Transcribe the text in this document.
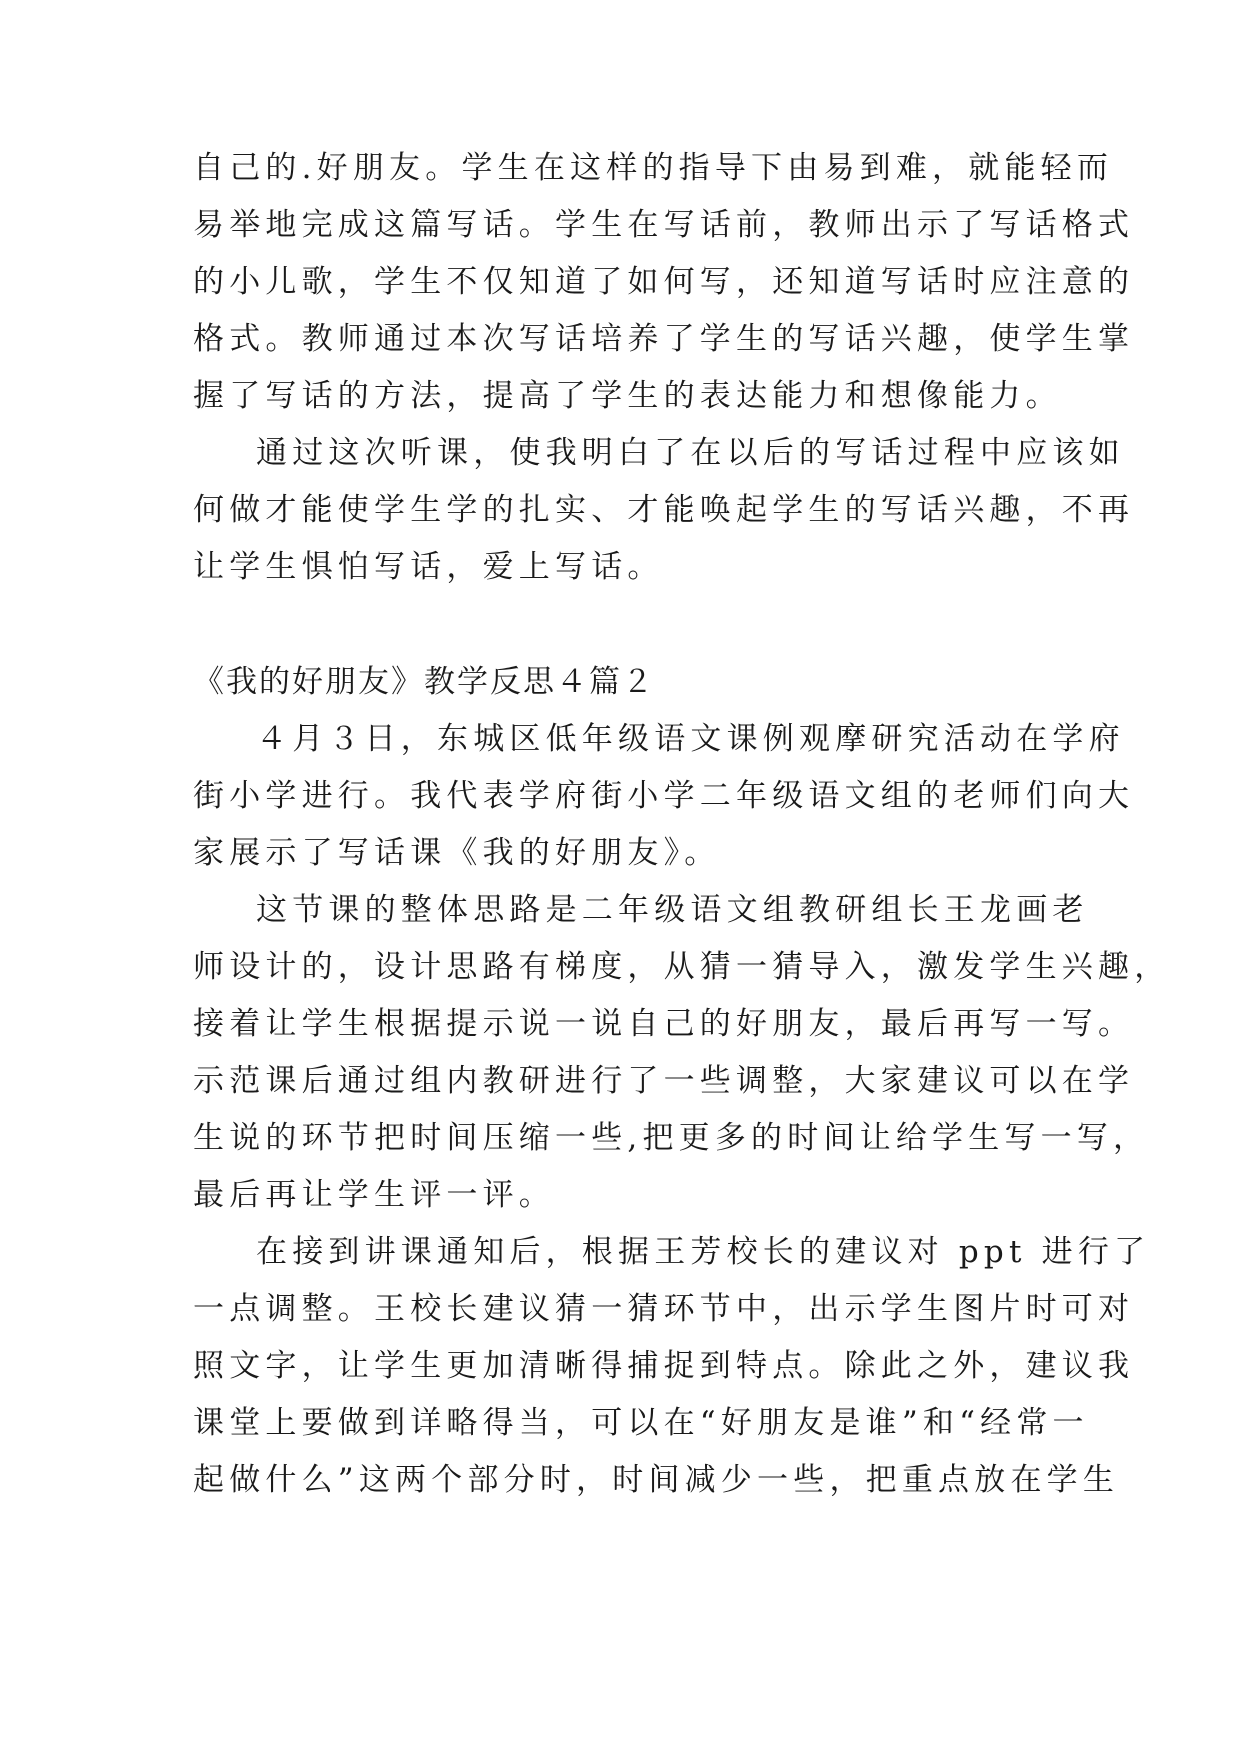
自己的.好朋友。学生在这样的指导下由易到难，就能轻而
易举地完成这篇写话。学生在写话前，教师出示了写话格式
的小儿歌，学生不仅知道了如何写，还知道写话时应注意的
格式。教师通过本次写话培养了学生的写话兴趣，使学生掌
握了写话的方法，提高了学生的表达能力和想像能力。
通过这次听课，使我明白了在以后的写话过程中应该如
何做才能使学生学的扎实、才能唤起学生的写话兴趣，不再
让学生惧怕写话，爱上写话。
《我的好朋友》教学反思４篇２
４月３日，东城区低年级语文课例观摩研究活动在学府
街小学进行。我代表学府街小学二年级语文组的老师们向大
家展示了写话课《我的好朋友》。
这节课的整体思路是二年级语文组教研组长王龙画老
师设计的，设计思路有梯度，从猜一猜导入，激发学生兴趣，
接着让学生根据提示说一说自己的好朋友，最后再写一写。
示范课后通过组内教研进行了一些调整，大家建议可以在学
生说的环节把时间压缩一些,把更多的时间让给学生写一写，
最后再让学生评一评。
在接到讲课通知后，根据王芳校长的建议对 ppt 进行了
一点调整。王校长建议猜一猜环节中，出示学生图片时可对
照文字，让学生更加清晰得捕捉到特点。除此之外，建议我
课堂上要做到详略得当，可以在“好朋友是谁”和“经常一
起做什么”这两个部分时，时间减少一些，把重点放在学生
